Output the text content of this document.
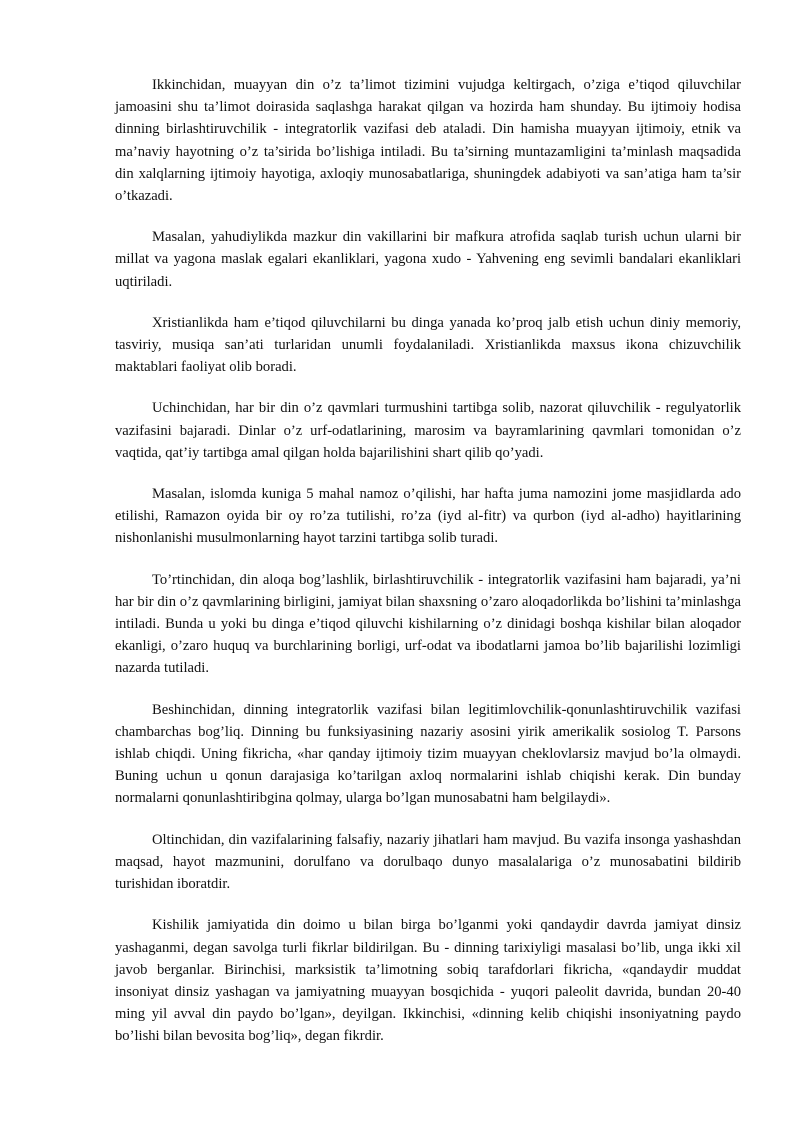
Ikkinchidan, muayyan din o’z ta’limot tizimini vujudga keltirgach, o’ziga e’tiqod qiluvchilar jamoasini shu ta’limot doirasida saqlashga harakat qilgan va hozirda ham shunday. Bu ijtimoiy hodisa dinning birlashtiruvchilik - integratorlik vazifasi deb ataladi. Din hamisha muayyan ijtimoiy, etnik va ma’naviy hayotning o’z ta’sirida bo’lishiga intiladi. Bu ta’sirning muntazamligini ta’minlash maqsadida din xalqlarning ijtimoiy hayotiga, axloqiy munosabatlariga, shuningdek adabiyoti va san’atiga ham ta’sir o’tkazadi.

Masalan, yahudiylikda mazkur din vakillarini bir mafkura atrofida saqlab turish uchun ularni bir millat va yagona maslak egalari ekanliklari, yagona xudo - Yahvening eng sevimli bandalari ekanliklari uqtiriladi.

Xristianlikda ham e’tiqod qiluvchilarni bu dinga yanada ko’proq jalb etish uchun diniy memoriy, tasviriy, musiqa san’ati turlaridan unumli foydalaniladi. Xristianlikda maxsus ikona chizuvchilik maktablari faoliyat olib boradi.

Uchinchidan, har bir din o’z qavmlari turmushini tartibga solib, nazorat qiluvchilik - regulyatorlik vazifasini bajaradi. Dinlar o’z urf-odatlarining, marosim va bayramlarining qavmlari tomonidan o’z vaqtida, qat’iy tartibga amal qilgan holda bajarilishini shart qilib qo’yadi.

Masalan, islomda kuniga 5 mahal namoz o’qilishi, har hafta juma namozini jome masjidlarda ado etilishi, Ramazon oyida bir oy ro’za tutilishi, ro’za (iyd al-fitr) va qurbon (iyd al-adho) hayitlarining nishonlanishi musulmonlarning hayot tarzini tartibga solib turadi.

To’rtinchidan, din aloqa bog’lashlik, birlashtiruvchilik - integratorlik vazifasini ham bajaradi, ya’ni har bir din o’z qavmlarining birligini, jamiyat bilan shaxsning o’zaro aloqadorlikda bo’lishini ta’minlashga intiladi. Bunda u yoki bu dinga e’tiqod qiluvchi kishilarning o’z dinidagi boshqa kishilar bilan aloqador ekanligi, o’zaro huquq va burchlarining borligi, urf-odat va ibodatlarni jamoa bo’lib bajarilishi lozimligi nazarda tutiladi.

Beshinchidan, dinning integratorlik vazifasi bilan legitimlovchilik-qonunlashtiruvchilik vazifasi chambarchas bog’liq. Dinning bu funksiyasining nazariy asosini yirik amerikalik sosiolog T. Parsons ishlab chiqdi. Uning fikricha, «har qanday ijtimoiy tizim muayyan cheklovlarsiz mavjud bo’la olmaydi. Buning uchun u qonun darajasiga ko’tarilgan axloq normalarini ishlab chiqishi kerak. Din bunday normalarni qonunlashtiribgina qolmay, ularga bo’lgan munosabatni ham belgilaydi».

Oltinchidan, din vazifalarining falsafiy, nazariy jihatlari ham mavjud. Bu vazifa insonga yashashdan maqsad, hayot mazmunini, dorulfano va dorulbaqo dunyo masalalariga o’z munosabatini bildirib turishidan iboratdir.

Kishilik jamiyatida din doimo u bilan birga bo’lganmi yoki qandaydir davrda jamiyat dinsiz yashaganmi, degan savolga turli fikrlar bildirilgan. Bu - dinning tarixiyligi masalasi bo’lib, unga ikki xil javob berganlar. Birinchisi, marksistik ta’limotning sobiq tarafdorlari fikricha, «qandaydir muddat insoniyat dinsiz yashagan va jamiyatning muayyan bosqichida - yuqori paleolit davrida, bundan 20-40 ming yil avval din paydo bo’lgan», deyilgan. Ikkinchisi, «dinning kelib chiqishi insoniyatning paydo bo’lishi bilan bevosita bog’liq», degan fikrdir.
